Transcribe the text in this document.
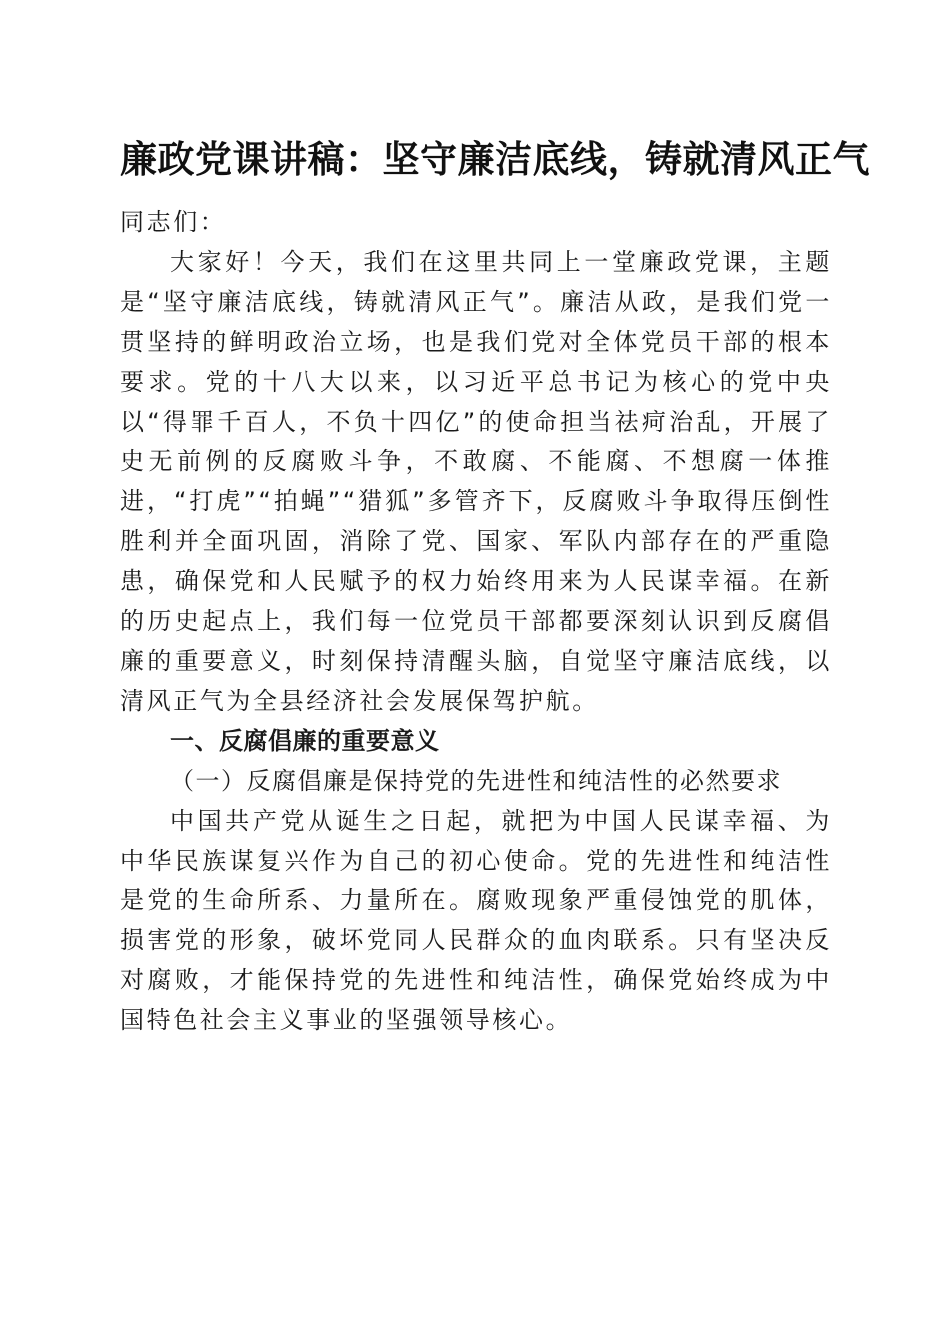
廉政党课讲稿：坚守廉洁底线，铸就清风正气

同志们：

大家好！今天，我们在这里共同上一堂廉政党课，主题是“坚守廉洁底线，铸就清风正气”。廉洁从政，是我们党一贯坚持的鲜明政治立场，也是我们党对全体党员干部的根本要求。党的十八大以来，以习近平总书记为核心的党中央以“得罪千百人，不负十四亿”的使命担当祛疴治乱，开展了史无前例的反腐败斗争，不敢腐、不能腐、不想腐一体推进，“打虎”“拍蝇”“猎狐”多管齐下，反腐败斗争取得压倒性胜利并全面巩固，消除了党、国家、军队内部存在的严重隐患，确保党和人民赋予的权力始终用来为人民谋幸福。在新的历史起点上，我们每一位党员干部都要深刻认识到反腐倡廉的重要意义，时刻保持清醒头脑，自觉坚守廉洁底线，以清风正气为全县经济社会发展保驾护航。

一、反腐倡廉的重要意义

（一）反腐倡廉是保持党的先进性和纯洁性的必然要求

中国共产党从诞生之日起，就把为中国人民谋幸福、为中华民族谋复兴作为自己的初心使命。党的先进性和纯洁性是党的生命所系、力量所在。腐败现象严重侵蚀党的肌体，损害党的形象，破坏党同人民群众的血肉联系。只有坚决反对腐败，才能保持党的先进性和纯洁性，确保党始终成为中国特色社会主义事业的坚强领导核心。
